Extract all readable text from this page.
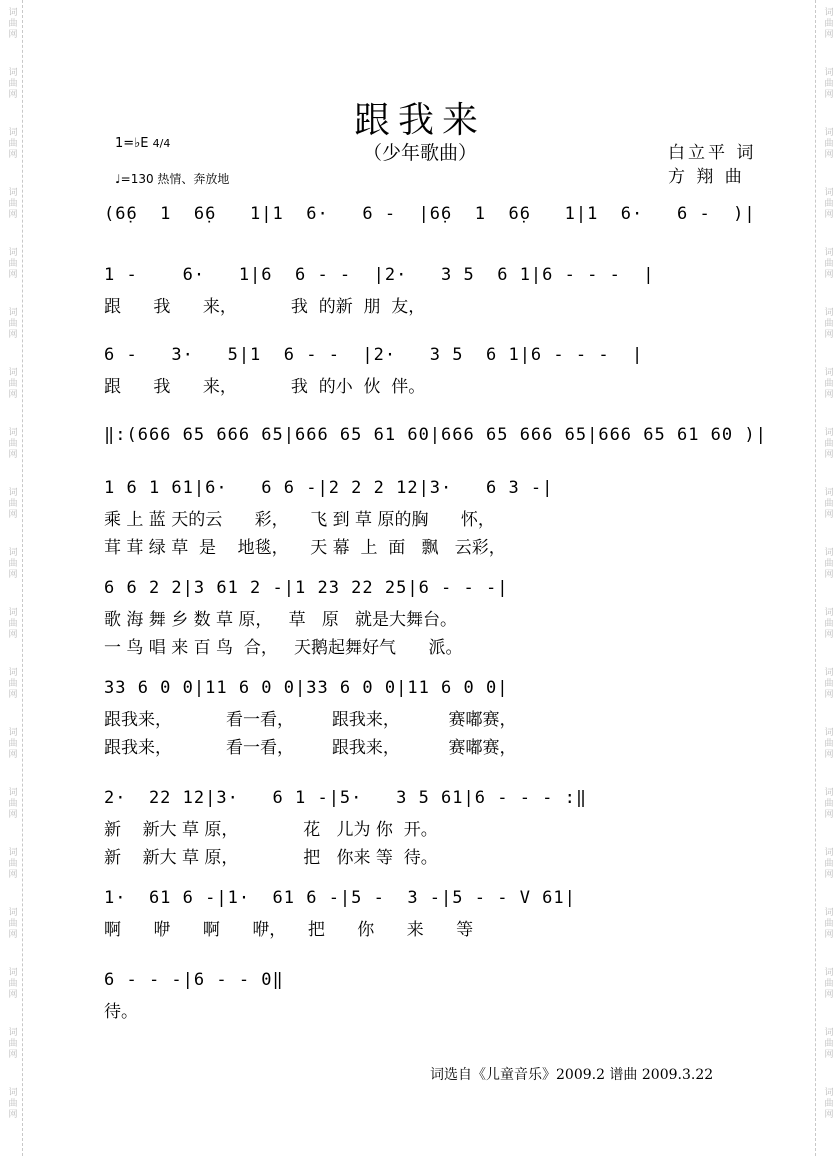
跟我来
（少年歌曲）	白立平 词
方 翔 曲
1=♭E 4/4
♩=130 热情、奔放地
(6̣6  1  6̣6   1|1  6·   6 -  |6̣6  1  6̣6   1|1  6·   6 -  )|
1 -    6·   1|6  6 - -  |2·   3 5  6 1|6 - - -  |
跟      我      来，          我  的新  朋  友，
6 -   3·   5|1  6 - -  |2·   3 5  6 1|6 - - -  |
跟      我      来，          我  的小  伙  伴。
‖:(666 65 666 65|666 65 61 60|666 65 666 65|666 65 61 60 )|
1 6 1 61|6·   6 6 -|2 2 2 12|3·   6 3 -|
乘 上 蓝 天的云      彩，    飞 到 草 原的胸      怀，
茸 茸 绿 草  是    地毯，    天 幕  上  面   飘   云彩，
6 6 2 2|3 61 2 -|1 23 22 25|6 - - -|
歌 海 舞 乡 数 草 原，   草   原   就是大舞台。
一 鸟 唱 来 百 鸟  合，   天鹅起舞好气      派。
33 6 0 0|11 6 0 0|33 6 0 0|11 6 0 0|
跟我来，          看一看，       跟我来，         赛嘟赛，
跟我来，          看一看，       跟我来，         赛嘟赛，
2·  22 12|3·   6 1 -|5·   3 5 61|6 - - - :‖
新    新大 草 原，            花   儿为 你  开。
新    新大 草 原，            把   你来 等  待。
1·  61 6 -|1·  61 6 -|5 -  3 -|5 - - V 61|
啊      咿      啊      咿，    把      你      来      等
6 - - -|6 - - 0‖
待。
词选自《儿童音乐》2009.2 谱曲 2009.3.22
词
曲
网
词
曲
网
词
曲
网
词
曲
网
词
曲
网
词
曲
网
词
曲
网
词
曲
网
词
曲
网
词
曲
网
词
曲
网
词
曲
网
词
曲
网
词
曲
网
词
曲
网
词
曲
网
词
曲
网
词
曲
网
词
曲
网
词
曲
网
词
曲
网
词
曲
网
词
曲
网
词
曲
网
词
曲
网
词
曲
网
词
曲
网
词
曲
网
词
曲
网
词
曲
网
词
曲
网
词
曲
网
词
曲
网
词
曲
网
词
曲
网
词
曲
网
词
曲
网
词
曲
网
